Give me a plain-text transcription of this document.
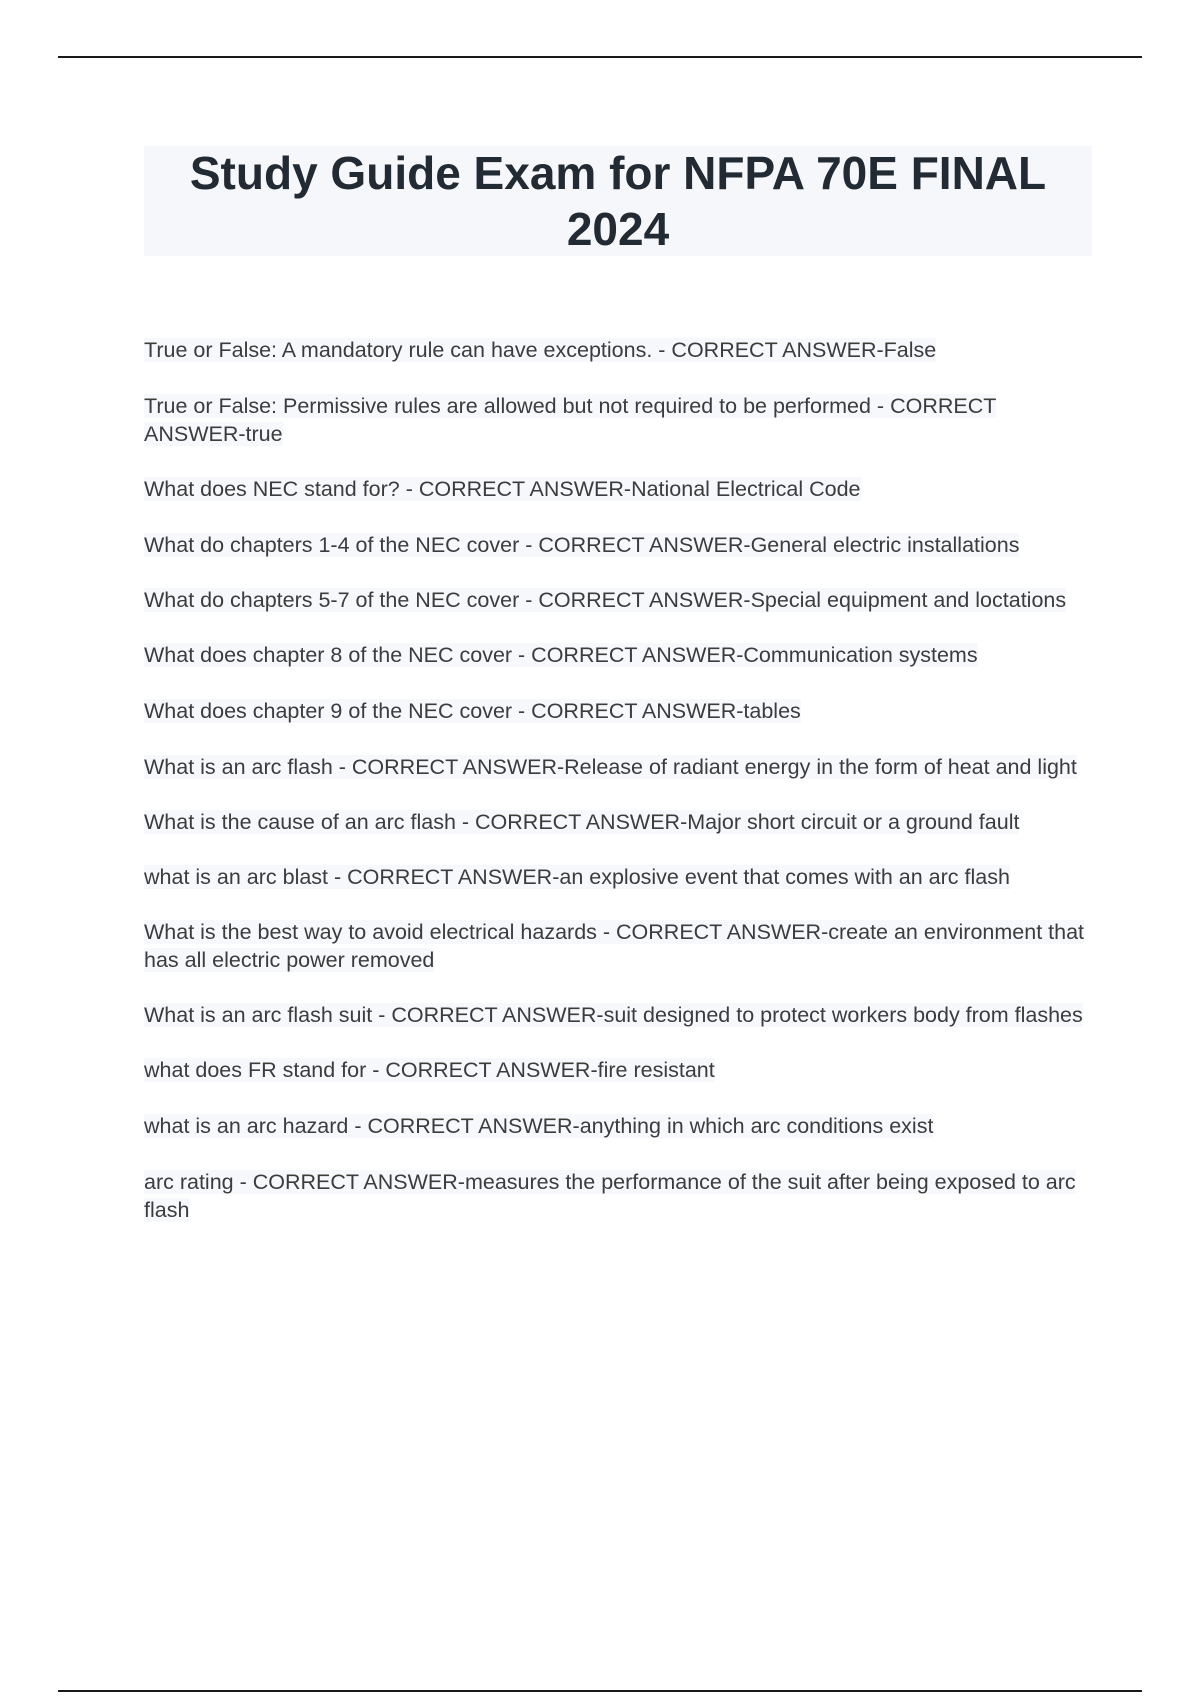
Study Guide Exam for NFPA 70E FINAL 2024
True or False: A mandatory rule can have exceptions. - CORRECT ANSWER-False
True or False: Permissive rules are allowed but not required to be performed - CORRECT ANSWER-true
What does NEC stand for? - CORRECT ANSWER-National Electrical Code
What do chapters 1-4 of the NEC cover - CORRECT ANSWER-General electric installations
What do chapters 5-7 of the NEC cover - CORRECT ANSWER-Special equipment and loctations
What does chapter 8 of the NEC cover - CORRECT ANSWER-Communication systems
What does chapter 9 of the NEC cover - CORRECT ANSWER-tables
What is an arc flash - CORRECT ANSWER-Release of radiant energy in the form of heat and light
What is the cause of an arc flash - CORRECT ANSWER-Major short circuit or a ground fault
what is an arc blast - CORRECT ANSWER-an explosive event that comes with an arc flash
What is the best way to avoid electrical hazards - CORRECT ANSWER-create an environment that has all electric power removed
What is an arc flash suit - CORRECT ANSWER-suit designed to protect workers body from flashes
what does FR stand for - CORRECT ANSWER-fire resistant
what is an arc hazard - CORRECT ANSWER-anything in which arc conditions exist
arc rating - CORRECT ANSWER-measures the performance of the suit after being exposed to arc flash
